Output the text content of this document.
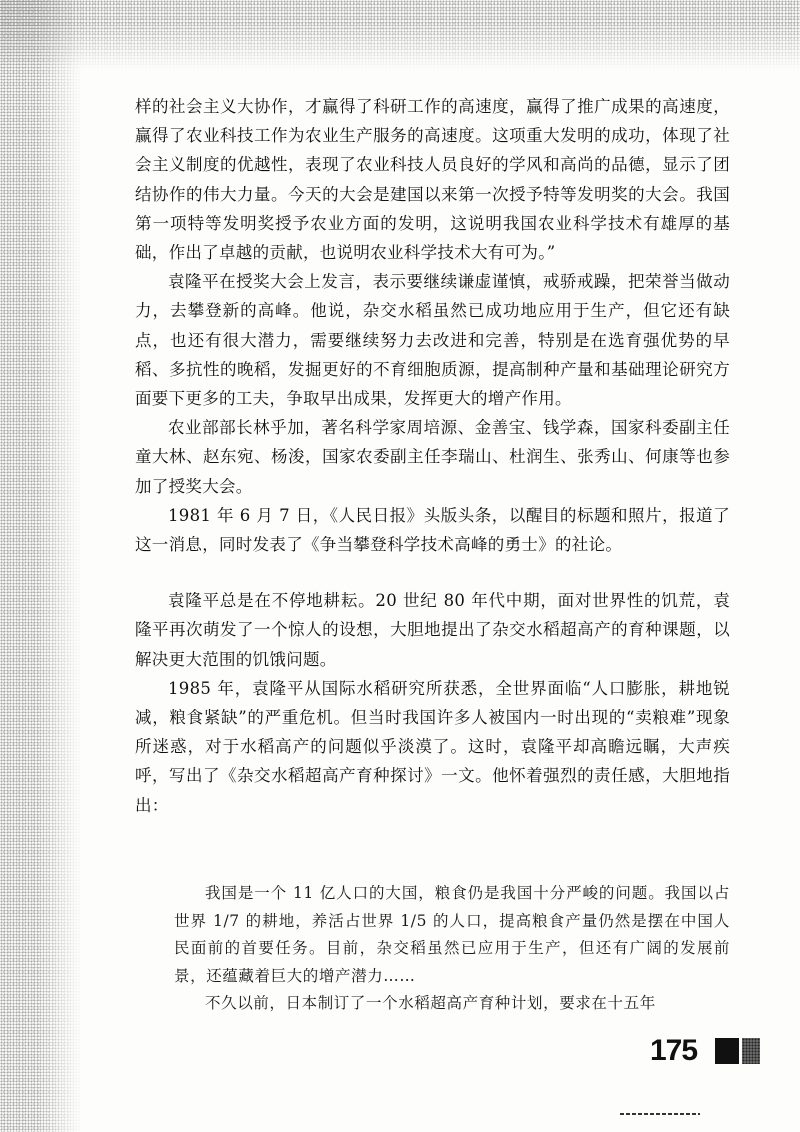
样的社会主义大协作，才赢得了科研工作的高速度，赢得了推广成果的高速度，赢得了农业科技工作为农业生产服务的高速度。这项重大发明的成功，体现了社会主义制度的优越性，表现了农业科技人员良好的学风和高尚的品德，显示了团结协作的伟大力量。今天的大会是建国以来第一次授予特等发明奖的大会。我国第一项特等发明奖授予农业方面的发明，这说明我国农业科学技术有雄厚的基础，作出了卓越的贡献，也说明农业科学技术大有可为。”

袁隆平在授奖大会上发言，表示要继续谦虚谨慎，戒骄戒躁，把荣誉当做动力，去攀登新的高峰。他说，杂交水稻虽然已成功地应用于生产，但它还有缺点，也还有很大潜力，需要继续努力去改进和完善，特别是在选育强优势的早稻、多抗性的晚稻，发掘更好的不育细胞质源，提高制种产量和基础理论研究方面要下更多的工夫，争取早出成果，发挥更大的增产作用。

农业部部长林乎加，著名科学家周培源、金善宝、钱学森，国家科委副主任童大林、赵东宛、杨浚，国家农委副主任李瑞山、杜润生、张秀山、何康等也参加了授奖大会。

1981 年 6 月 7 日，《人民日报》头版头条，以醒目的标题和照片，报道了这一消息，同时发表了《争当攀登科学技术高峰的勇士》的社论。

袁隆平总是在不停地耕耘。20 世纪 80 年代中期，面对世界性的饥荒，袁隆平再次萌发了一个惊人的设想，大胆地提出了杂交水稻超高产的育种课题，以解决更大范围的饥饿问题。

1985 年，袁隆平从国际水稻研究所获悉，全世界面临“人口膨胀，耕地锐减，粮食紧缺”的严重危机。但当时我国许多人被国内一时出现的“卖粮难”现象所迷惑，对于水稻高产的问题似乎淡漠了。这时，袁隆平却高瞻远瞩，大声疾呼，写出了《杂交水稻超高产育种探讨》一文。他怀着强烈的责任感，大胆地指出：

我国是一个 11 亿人口的大国，粮食仍是我国十分严峻的问题。我国以占世界 1/7 的耕地，养活占世界 1/5 的人口，提高粮食产量仍然是摆在中国人民面前的首要任务。目前，杂交稻虽然已应用于生产，但还有广阔的发展前景，还蕴藏着巨大的增产潜力……

不久以前，日本制订了一个水稻超高产育种计划，要求在十五年

175
